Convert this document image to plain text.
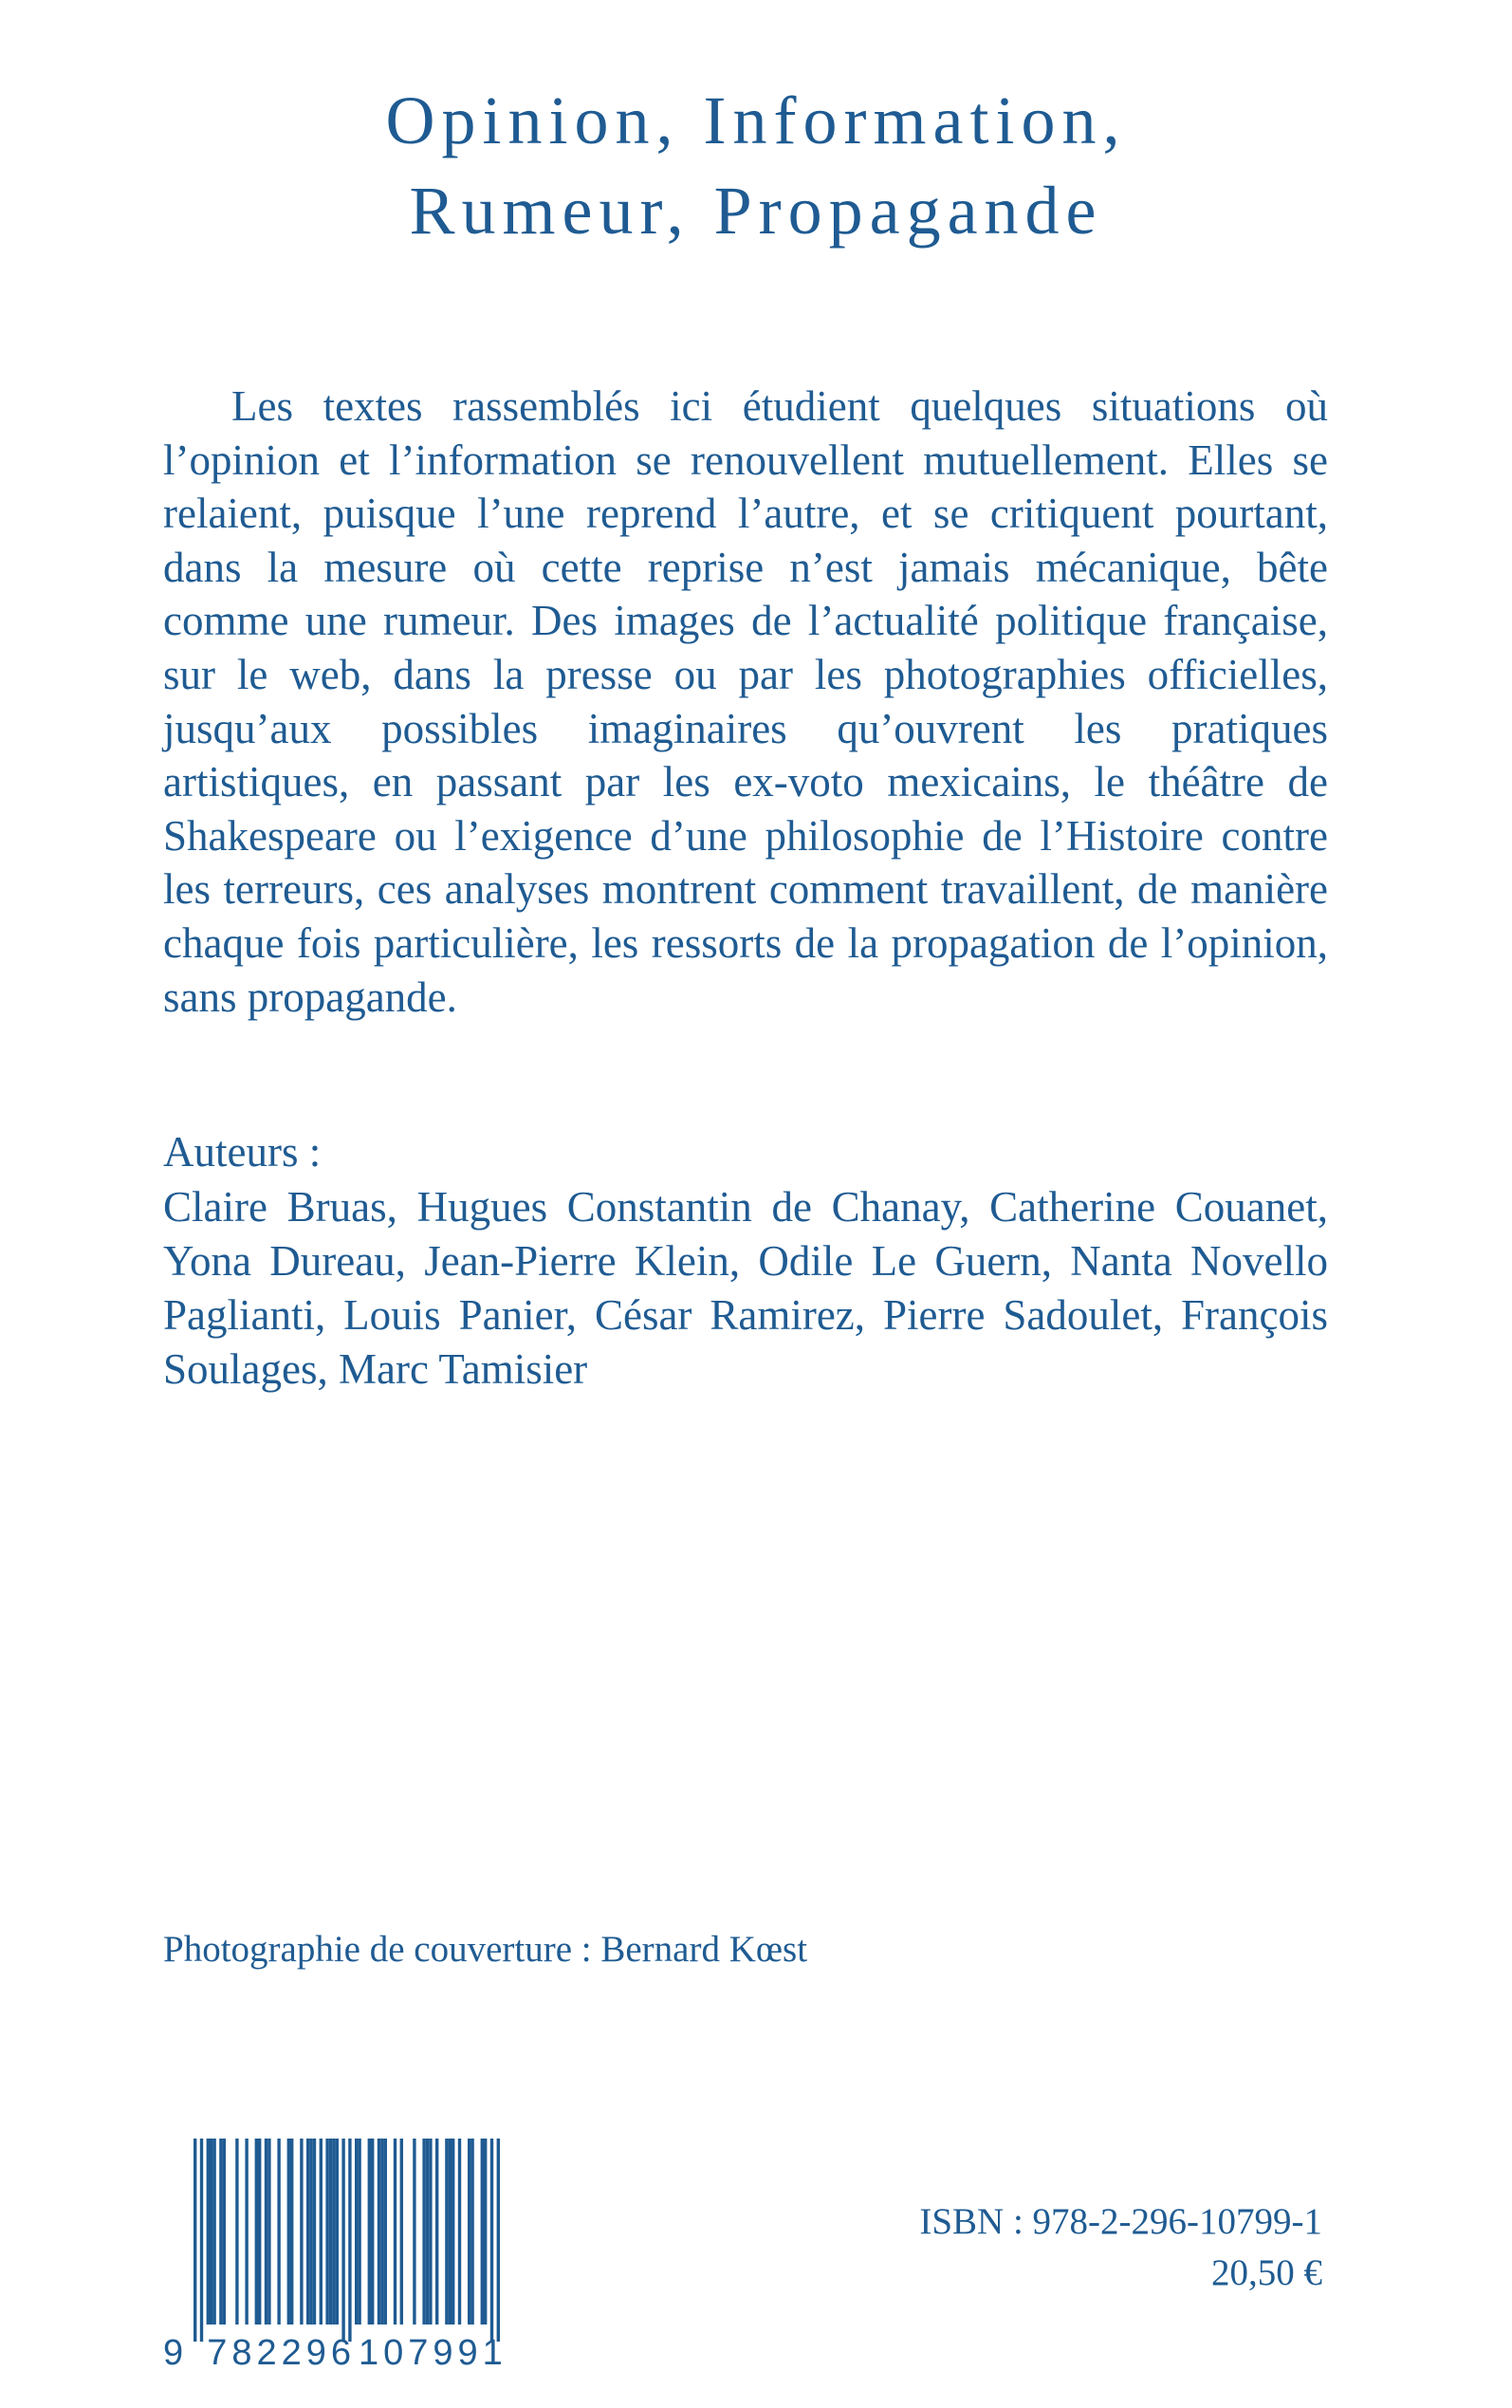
Opinion, Information,
Rumeur, Propagande

Les textes rassemblés ici étudient quelques situations où l’opinion et l’information se renouvellent mutuellement. Elles se relaient, puisque l’une reprend l’autre, et se critiquent pourtant, dans la mesure où cette reprise n’est jamais mécanique, bête comme une rumeur. Des images de l’actualité politique française, sur le web, dans la presse ou par les photographies officielles, jusqu’aux possibles imaginaires qu’ouvrent les pratiques artistiques, en passant par les ex-voto mexicains, le théâtre de Shakespeare ou l’exigence d’une philosophie de l’Histoire contre les terreurs, ces analyses montrent comment travaillent, de manière chaque fois particulière, les ressorts de la propagation de l’opinion, sans propagande.

Auteurs :

Claire Bruas, Hugues Constantin de Chanay, Catherine Couanet, Yona Dureau, Jean-Pierre Klein, Odile Le Guern, Nanta Novello Paglianti, Louis Panier, César Ramirez, Pierre Sadoulet, François Soulages, Marc Tamisier

Photographie de couverture : Bernard Kœst

9 782296 107991

ISBN : 978-2-296-10799-1

20,50 €
